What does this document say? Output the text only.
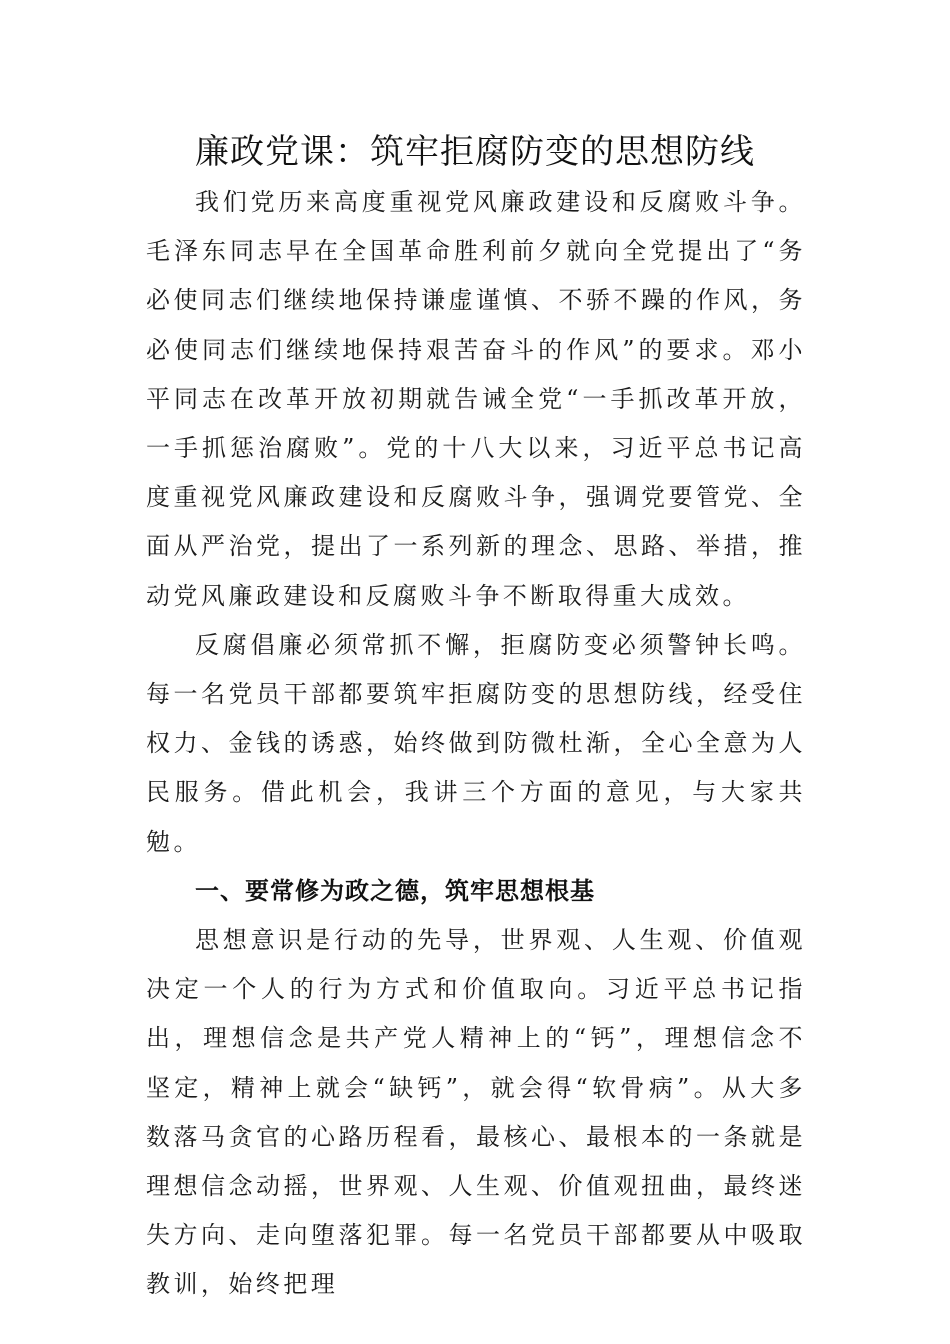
廉政党课：筑牢拒腐防变的思想防线

我们党历来高度重视党风廉政建设和反腐败斗争。毛泽东同志早在全国革命胜利前夕就向全党提出了“务必使同志们继续地保持谦虚谨慎、不骄不躁的作风，务必使同志们继续地保持艰苦奋斗的作风”的要求。邓小平同志在改革开放初期就告诫全党“一手抓改革开放，一手抓惩治腐败”。党的十八大以来，习近平总书记高度重视党风廉政建设和反腐败斗争，强调党要管党、全面从严治党，提出了一系列新的理念、思路、举措，推动党风廉政建设和反腐败斗争不断取得重大成效。

反腐倡廉必须常抓不懈，拒腐防变必须警钟长鸣。每一名党员干部都要筑牢拒腐防变的思想防线，经受住权力、金钱的诱惑，始终做到防微杜渐，全心全意为人民服务。借此机会，我讲三个方面的意见，与大家共勉。

一、要常修为政之德，筑牢思想根基

思想意识是行动的先导，世界观、人生观、价值观决定一个人的行为方式和价值取向。习近平总书记指出，理想信念是共产党人精神上的“钙”，理想信念不坚定，精神上就会“缺钙”，就会得“软骨病”。从大多数落马贪官的心路历程看，最核心、最根本的一条就是理想信念动摇，世界观、人生观、价值观扭曲，最终迷失方向、走向堕落犯罪。每一名党员干部都要从中吸取教训，始终把理
